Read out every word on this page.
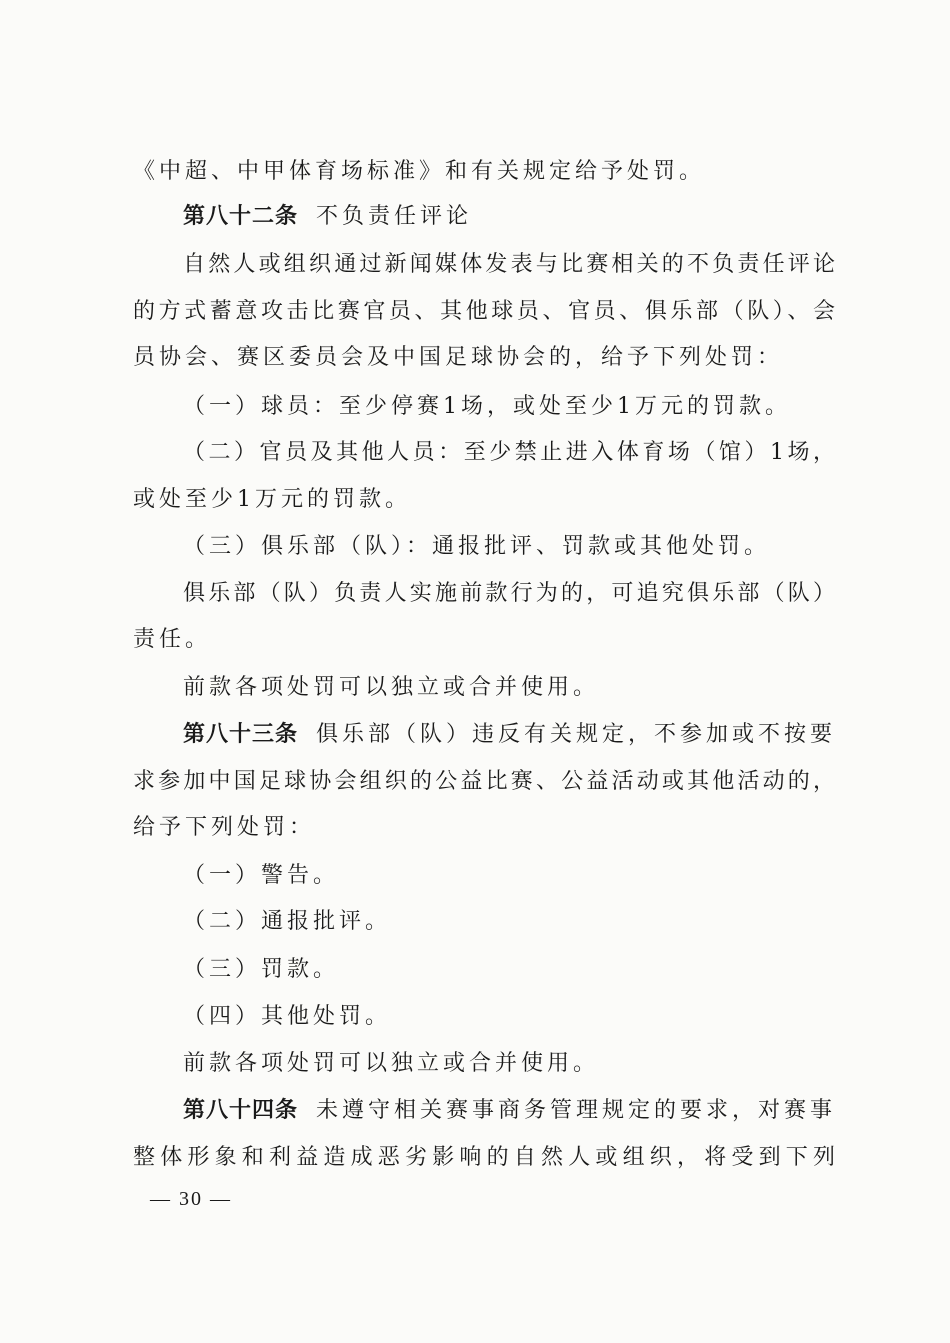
《中超、中甲体育场标准》和有关规定给予处罚。
第八十二条 不负责任评论
自然人或组织通过新闻媒体发表与比赛相关的不负责任评论
的方式蓄意攻击比赛官员、其他球员、官员、俱乐部（队）、会
员协会、赛区委员会及中国足球协会的，给予下列处罚：
（一）球员：至少停赛1场，或处至少1万元的罚款。
（二）官员及其他人员：至少禁止进入体育场（馆）1场，
或处至少1万元的罚款。
（三）俱乐部（队）：通报批评、罚款或其他处罚。
俱乐部（队）负责人实施前款行为的，可追究俱乐部（队）
责任。
前款各项处罚可以独立或合并使用。
第八十三条 俱乐部（队）违反有关规定，不参加或不按要
求参加中国足球协会组织的公益比赛、公益活动或其他活动的，
给予下列处罚：
（一）警告。
（二）通报批评。
（三）罚款。
（四）其他处罚。
前款各项处罚可以独立或合并使用。
第八十四条 未遵守相关赛事商务管理规定的要求，对赛事
整体形象和利益造成恶劣影响的自然人或组织，将受到下列
— 30 —
